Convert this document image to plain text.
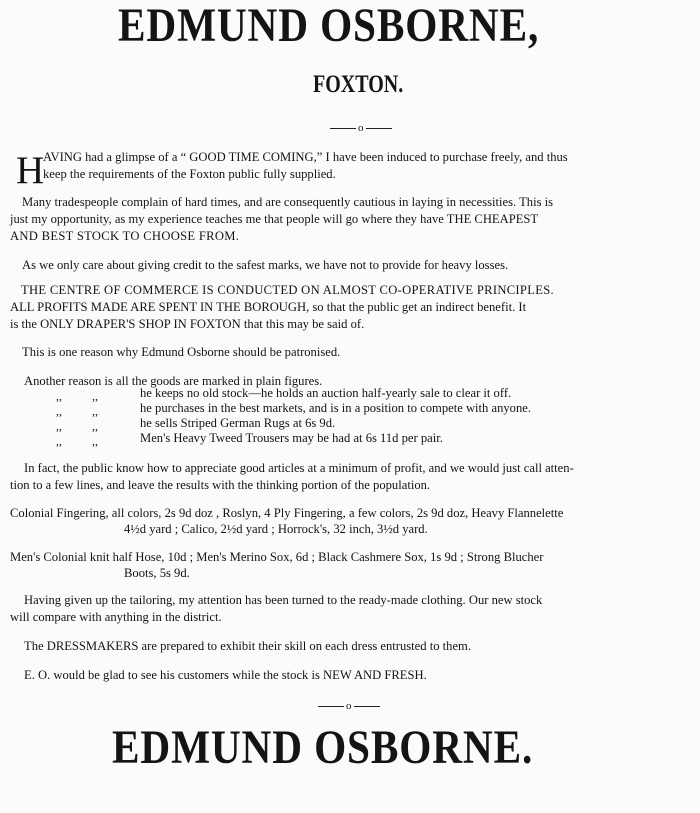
EDMUND OSBORNE,
FOXTON.
o
H
AVING had a glimpse of a “ GOOD TIME COMING,” I have been induced to purchase freely, and thus
keep the requirements of the Foxton public fully supplied.
Many tradespeople complain of hard times, and are consequently cautious in laying in necessities. This is
just my opportunity, as my experience teaches me that people will go where they have THE CHEAPEST
AND BEST STOCK TO CHOOSE FROM.
As we only care about giving credit to the safest marks, we have not to provide for heavy losses.
THE CENTRE OF COMMERCE IS CONDUCTED ON ALMOST CO-OPERATIVE PRINCIPLES.
ALL PROFITS MADE ARE SPENT IN THE BOROUGH, so that the public get an indirect benefit. It
is the ONLY DRAPER'S SHOP IN FOXTON that this may be said of.
This is one reason why Edmund Osborne should be patronised.
Another reason is all the goods are marked in plain figures.
,,	,,	he keeps no old stock—he holds an auction half-yearly sale to clear it off.
,,	,,	he purchases in the best markets, and is in a position to compete with anyone.
,,	,,	he sells Striped German Rugs at 6s 9d.
,,	,,	Men's Heavy Tweed Trousers may be had at 6s 11d per pair.
In fact, the public know how to appreciate good articles at a minimum of profit, and we would just call atten-
tion to a few lines, and leave the results with the thinking portion of the population.
Colonial Fingering, all colors, 2s 9d doz , Roslyn, 4 Ply Fingering, a few colors, 2s 9d doz, Heavy Flannelette
4½d yard ; Calico, 2½d yard ; Horrock's, 32 inch, 3½d yard.
Men's Colonial knit half Hose, 10d ; Men's Merino Sox, 6d ; Black Cashmere Sox, 1s 9d ; Strong Blucher
Boots, 5s 9d.
Having given up the tailoring, my attention has been turned to the ready-made clothing. Our new stock
will compare with anything in the district.
The DRESSMAKERS are prepared to exhibit their skill on each dress entrusted to them.
E. O. would be glad to see his customers while the stock is NEW AND FRESH.
o
EDMUND OSBORNE.
